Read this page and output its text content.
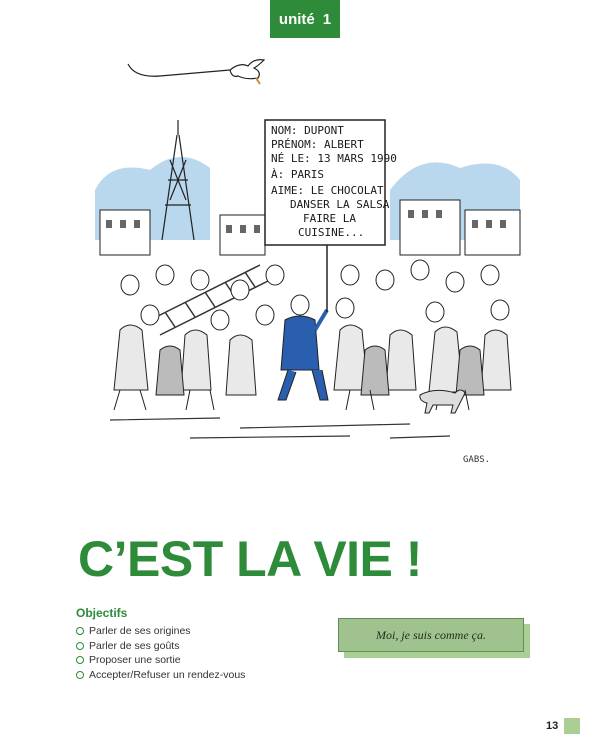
unité 1
NOM: DUPONT
PRÉNOM: ALBERT
NÉ LE: 13 MARS 1990
À: PARIS
AIME: LE CHOCOLAT
DANSER LA SALSA
FAIRE LA
CUISINE...
GABS.
C’EST LA VIE !
Objectifs
Parler de ses origines
Parler de ses goûts
Proposer une sortie
Accepter/Refuser un rendez-vous
Moi, je suis comme ça.
13
